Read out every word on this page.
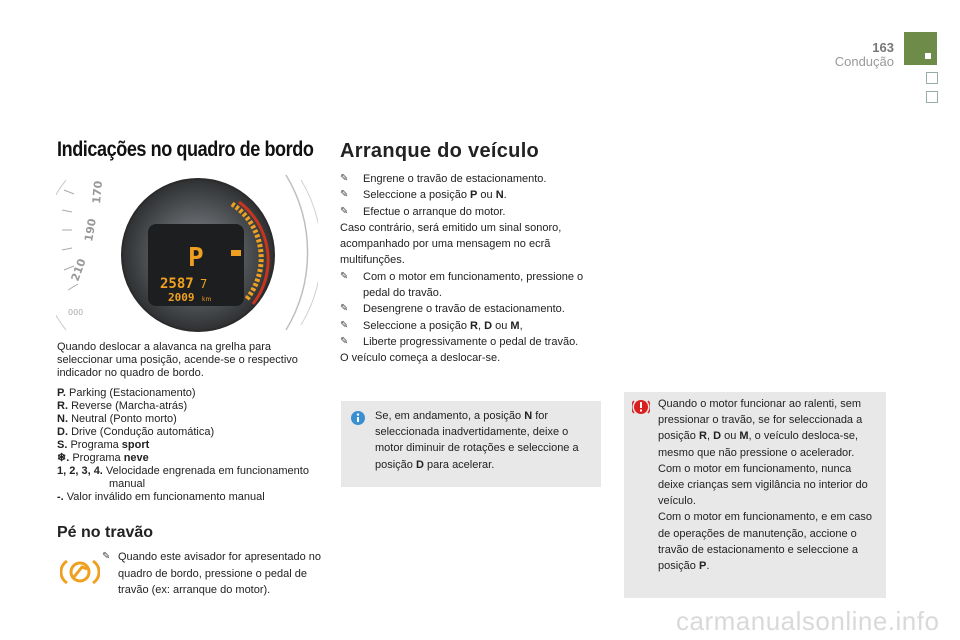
163
Condução
Indicações no quadro de bordo
210
190
170
000
P
2587 7
2009 km
Quando deslocar a alavanca na grelha para seleccionar uma posição, acende-se o respectivo indicador no quadro de bordo.
P. Parking (Estacionamento)
R. Reverse (Marcha-atrás)
N. Neutral (Ponto morto)
D. Drive (Condução automática)
S. Programa sport
❄. Programa neve
1, 2, 3, 4. Velocidade engrenada em funcionamento manual
-. Valor inválido em funcionamento manual
Pé no travão
✎ Quando este avisador for apresentado no quadro de bordo, pressione o pedal de travão (ex: arranque do motor).
Arranque do veículo
✎ Engrene o travão de estacionamento.
✎ Seleccione a posição P ou N.
✎ Efectue o arranque do motor.
Caso contrário, será emitido um sinal sonoro, acompanhado por uma mensagem no ecrã multifunções.
✎ Com o motor em funcionamento, pressione o pedal do travão.
✎ Desengrene o travão de estacionamento.
✎ Seleccione a posição R, D ou M,
✎ Liberte progressivamente o pedal de travão.
O veículo começa a deslocar-se.
Se, em andamento, a posição N for seleccionada inadvertidamente, deixe o motor diminuir de rotações e seleccione a posição D para acelerar.
Quando o motor funcionar ao ralenti, sem pressionar o travão, se for seleccionada a posição R, D ou M, o veículo desloca-se, mesmo que não pressione o acelerador.
Com o motor em funcionamento, nunca deixe crianças sem vigilância no interior do veículo.
Com o motor em funcionamento, e em caso de operações de manutenção, accione o travão de estacionamento e seleccione a posição P.
carmanualsonline.info
